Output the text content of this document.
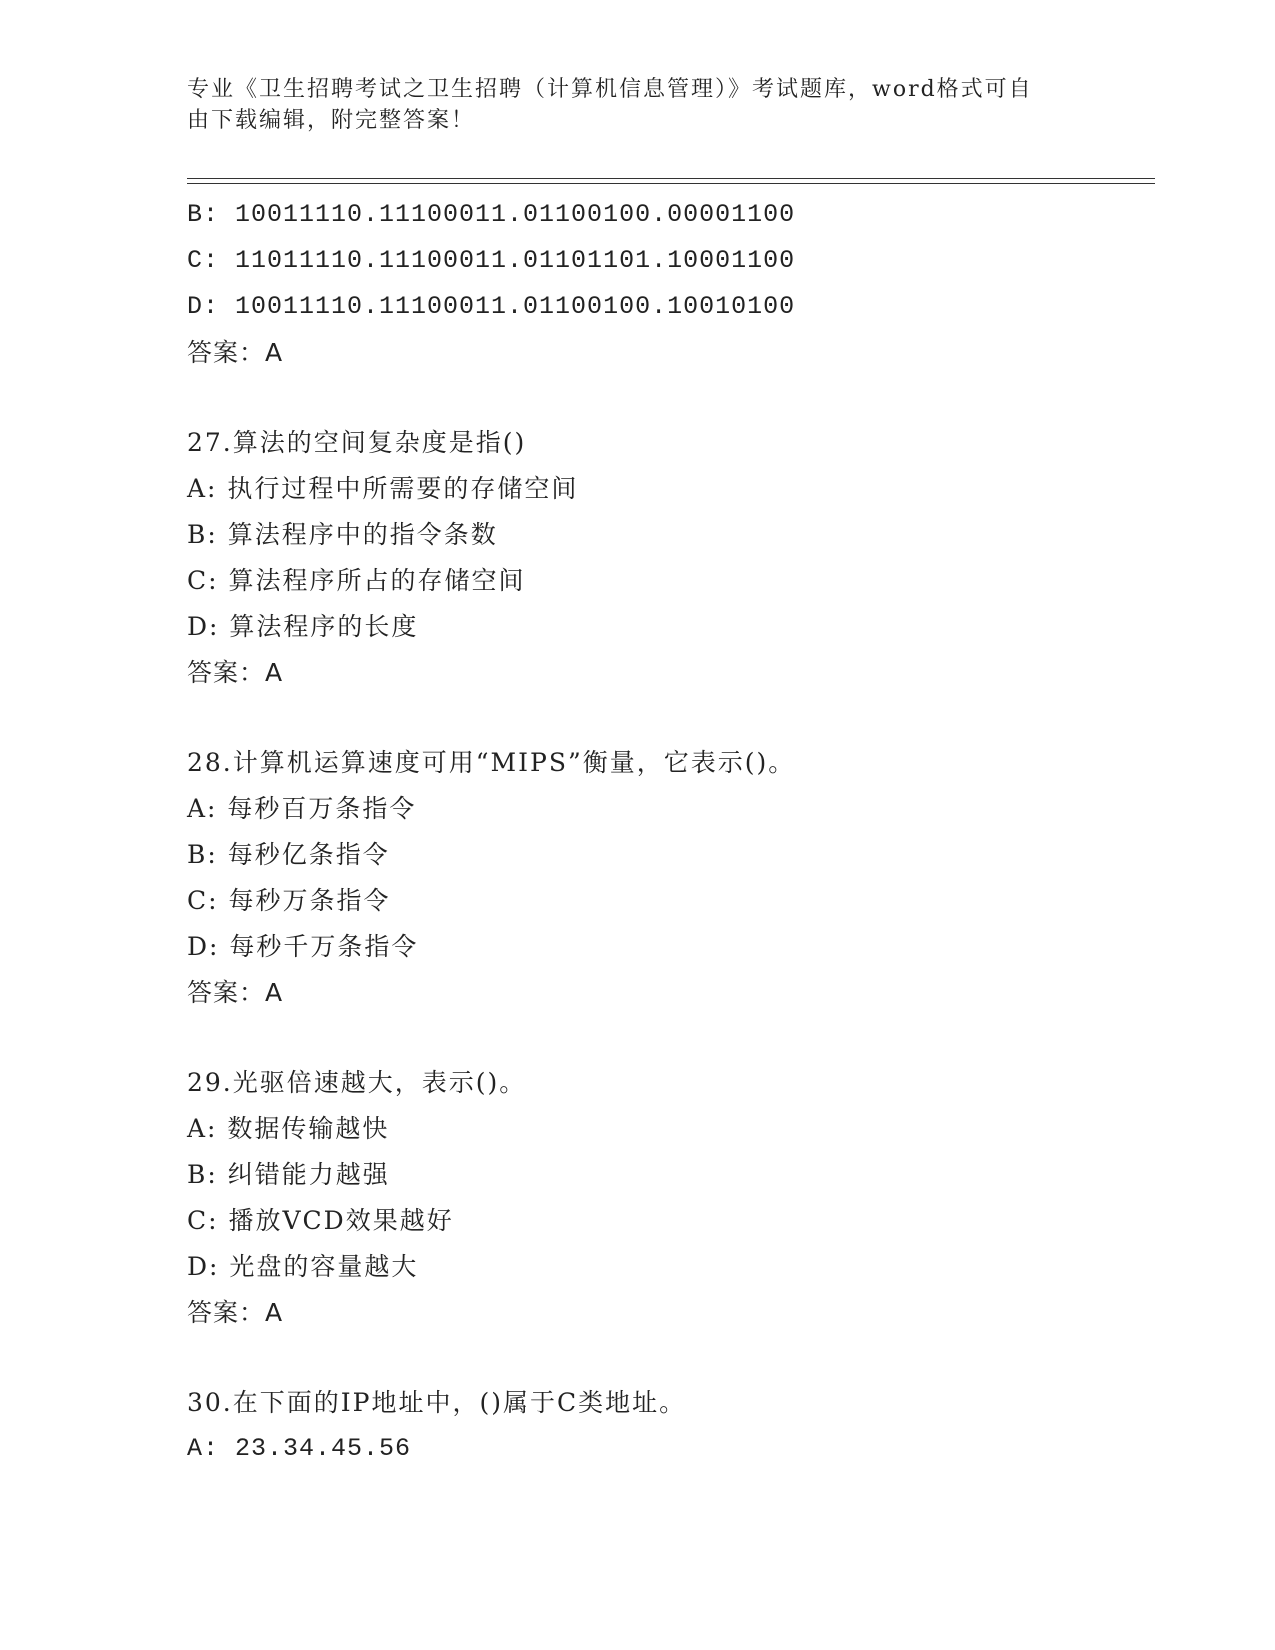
专业《卫生招聘考试之卫生招聘（计算机信息管理）》考试题库，word格式可自
由下载编辑，附完整答案！
B: 10011110.11100011.01100100.00001100
C: 11011110.11100011.01101101.10001100
D: 10011110.11100011.01100100.10010100
答案：A
27.算法的空间复杂度是指()
A: 执行过程中所需要的存储空间
B: 算法程序中的指令条数
C: 算法程序所占的存储空间
D: 算法程序的长度
答案：A
28.计算机运算速度可用“MIPS”衡量，它表示()。
A: 每秒百万条指令
B: 每秒亿条指令
C: 每秒万条指令
D: 每秒千万条指令
答案：A
29.光驱倍速越大，表示()。
A: 数据传输越快
B: 纠错能力越强
C: 播放VCD效果越好
D: 光盘的容量越大
答案：A
30.在下面的IP地址中，()属于C类地址。
A: 23.34.45.56
